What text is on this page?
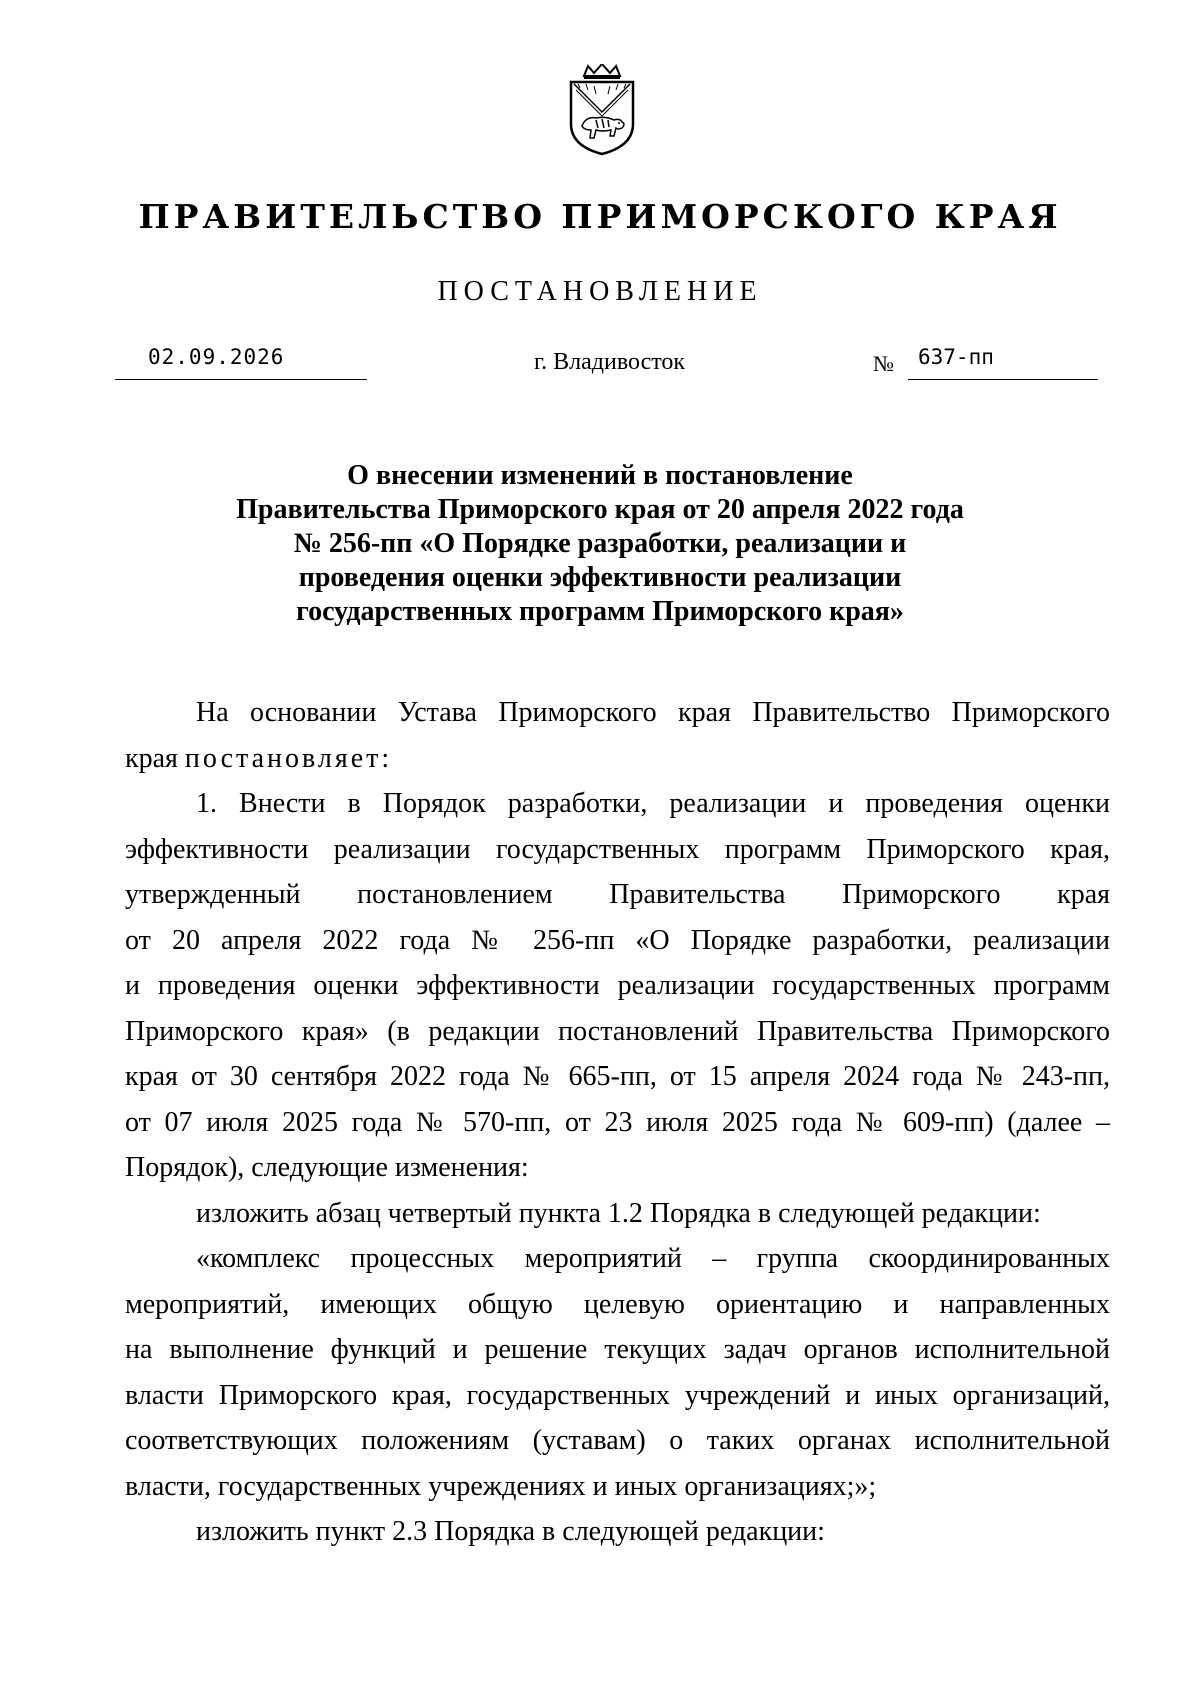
ПРАВИТЕЛЬСТВО ПРИМОРСКОГО КРАЯ
ПОСТАНОВЛЕНИЕ
02.09.2026	г. Владивосток	№ 637-пп
О внесении изменений в постановление
Правительства Приморского края от 20 апреля 2022 года
№ 256-пп «О Порядке разработки, реализации и
проведения оценки эффективности реализации
государственных программ Приморского края»
На основании Устава Приморского края Правительство Приморского
края постановляет:
1. Внести в Порядок разработки, реализации и проведения оценки
эффективности реализации государственных программ Приморского края,
утвержденный постановлением Правительства Приморского края
от 20 апреля 2022 года № 256-пп «О Порядке разработки, реализации
и проведения оценки эффективности реализации государственных программ
Приморского края» (в редакции постановлений Правительства Приморского
края от 30 сентября 2022 года № 665-пп, от 15 апреля 2024 года № 243-пп,
от 07 июля 2025 года № 570-пп, от 23 июля 2025 года № 609-пп) (далее –
Порядок), следующие изменения:
изложить абзац четвертый пункта 1.2 Порядка в следующей редакции:
«комплекс процессных мероприятий – группа скоординированных
мероприятий, имеющих общую целевую ориентацию и направленных
на выполнение функций и решение текущих задач органов исполнительной
власти Приморского края, государственных учреждений и иных организаций,
соответствующих положениям (уставам) о таких органах исполнительной
власти, государственных учреждениях и иных организациях;»;
изложить пункт 2.3 Порядка в следующей редакции:
